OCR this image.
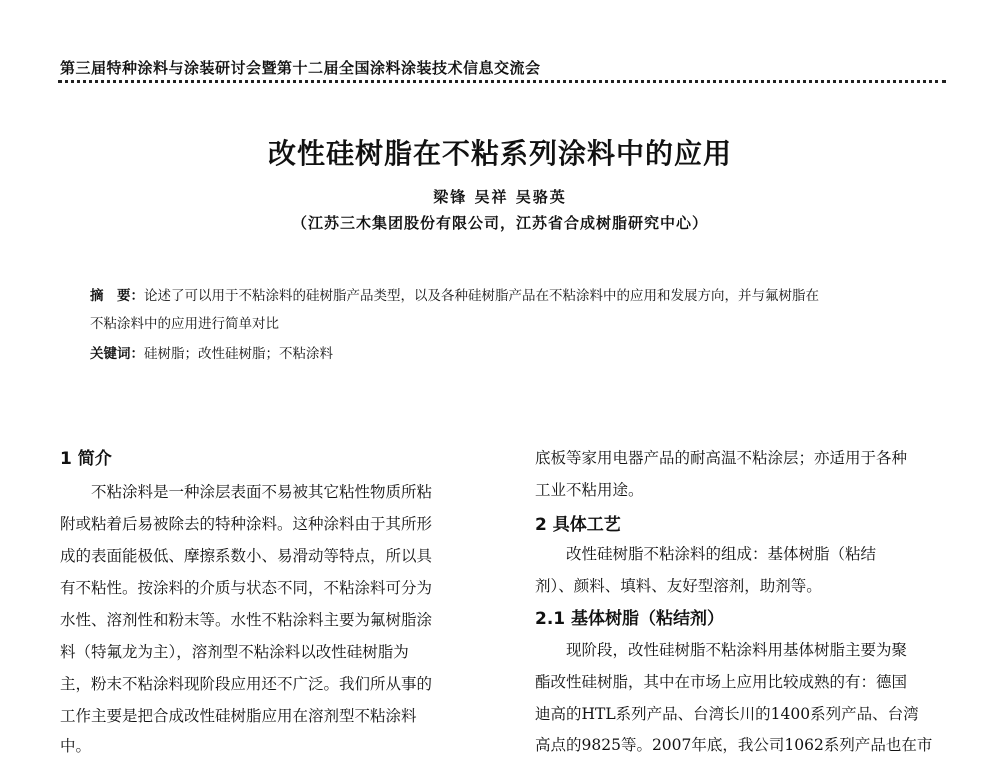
第三届特种涂料与涂装研讨会暨第十二届全国涂料涂装技术信息交流会
改性硅树脂在不粘系列涂料中的应用
梁锋 吴祥 吴骆英
（江苏三木集团股份有限公司，江苏省合成树脂研究中心）
摘　要：论述了可以用于不粘涂料的硅树脂产品类型，以及各种硅树脂产品在不粘涂料中的应用和发展方向，并与氟树脂在
不粘涂料中的应用进行简单对比
关键词：硅树脂；改性硅树脂；不粘涂料
1 简介
　　不粘涂料是一种涂层表面不易被其它粘性物质所粘
附或粘着后易被除去的特种涂料。这种涂料由于其所形
成的表面能极低、摩擦系数小、易滑动等特点，所以具
有不粘性。按涂料的介质与状态不同，不粘涂料可分为
水性、溶剂性和粉末等。水性不粘涂料主要为氟树脂涂
料（特氟龙为主），溶剂型不粘涂料以改性硅树脂为
主，粉末不粘涂料现阶段应用还不广泛。我们所从事的
工作主要是把合成改性硅树脂应用在溶剂型不粘涂料
中。
底板等家用电器产品的耐高温不粘涂层；亦适用于各种
工业不粘用途。
2 具体工艺
　　改性硅树脂不粘涂料的组成：基体树脂（粘结
剂）、颜料、填料、友好型溶剂，助剂等。
2.1 基体树脂（粘结剂）
　　现阶段，改性硅树脂不粘涂料用基体树脂主要为聚
酯改性硅树脂，其中在市场上应用比较成熟的有：德国
迪高的HTL系列产品、台湾长川的1400系列产品、台湾
高点的9825等。2007年底，我公司1062系列产品也在市
